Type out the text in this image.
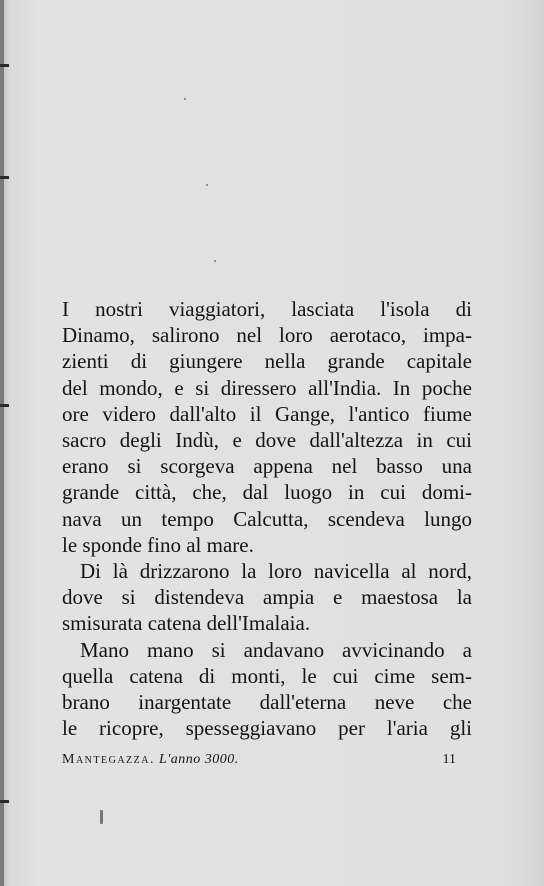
I nostri viaggiatori, lasciata l'isola di
Dinamo, salirono nel loro aerotaco, impa-
zienti di giungere nella grande capitale
del mondo, e si diressero all'India. In poche
ore videro dall'alto il Gange, l'antico fiume
sacro degli Indù, e dove dall'altezza in cui
erano si scorgeva appena nel basso una
grande città, che, dal luogo in cui domi-
nava un tempo Calcutta, scendeva lungo
le sponde fino al mare.

Di là drizzarono la loro navicella al nord,
dove si distendeva ampia e maestosa la
smisurata catena dell'Imalaia.

Mano mano si andavano avvicinando a
quella catena di monti, le cui cime sem-
brano inargentate dall'eterna neve che
le ricopre, spesseggiavano per l'aria gli

Mantegazza. L'anno 3000.	11
